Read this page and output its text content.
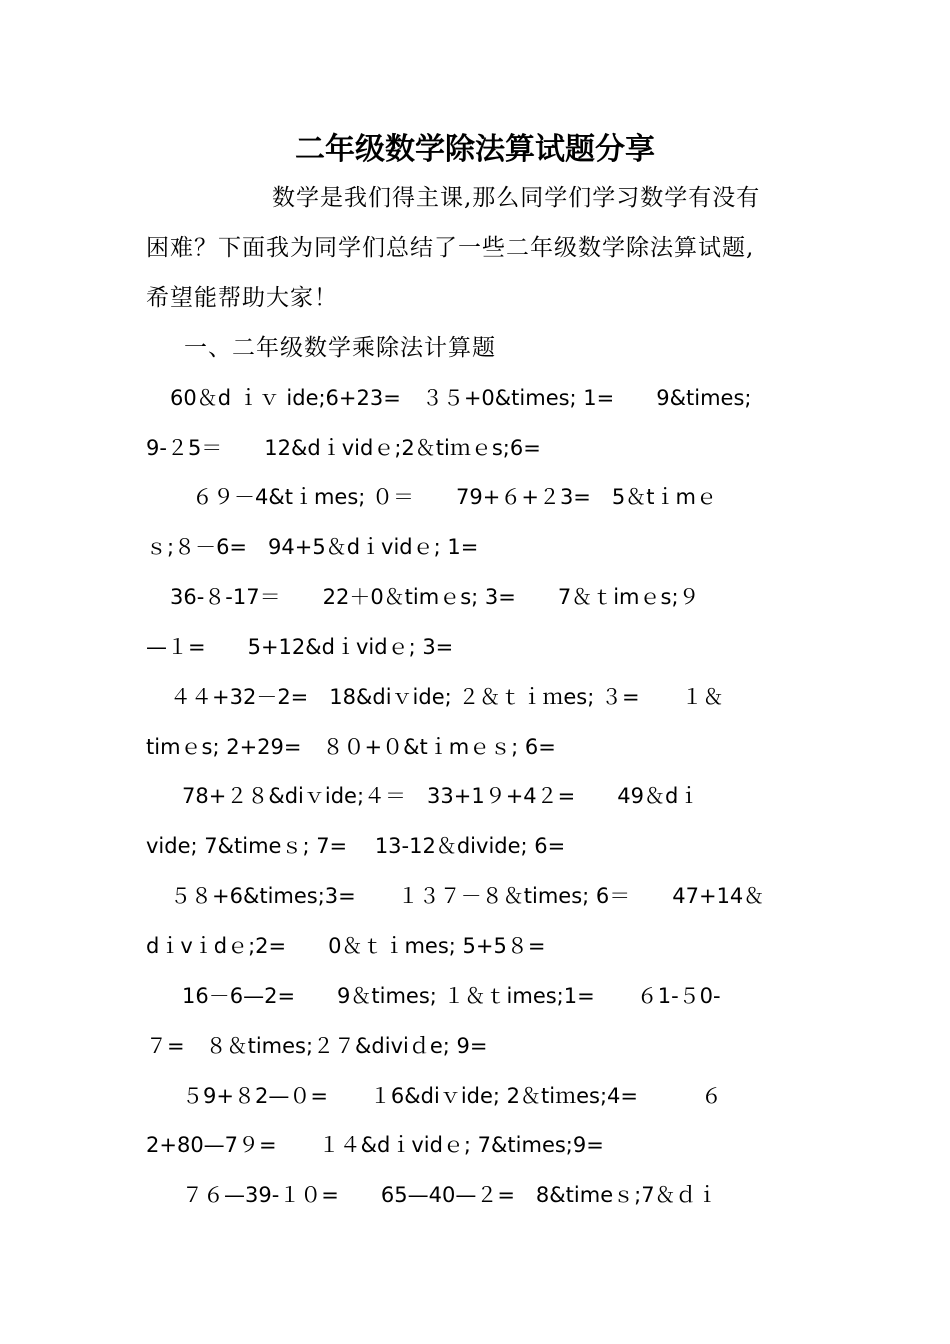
二年级数学除法算试题分享
数学是我们得主课,那么同学们学习数学有没有
困难？下面我为同学们总结了一些二年级数学除法算试题,
希望能帮助大家！
一、二年级数学乘除法计算题
60＆d ｉｖ ide;6+23=　３５+0&times; 1=　　9&times;
9-２5＝　　12&dｉvidｅ;2＆tiｍｅs;6=
６９－4&tｉmes; ０＝　　79+６+２3=　5＆tｉmｅ
ｓ;８－6=　94+5＆dｉvidｅ; 1=
36-８-17＝　　22＋0＆timｅs; 3=　　7＆ｔimｅs;９
—１=　　5+12&dｉvidｅ; 3=
４４+32－2=　18&diｖide; ２＆ｔｉｍes; ３=　　１＆
timｅs; 2+29=　８０+０&tｉmｅｓ; 6=
78+２８&diｖide;４＝　33+1９+4２=　　49＆dｉ
vide; 7&timeｓ; 7=　 13-12＆divide; 6=
５８+6&times;3=　　１３７－８＆times; 6＝　　47+14＆
dｉvｉdｅ;2=　　0＆ｔｉmes; 5+5８=
16－6—2=　　9＆times; １＆ｔimes;1=　　６1-５0-
７=　８＆times;２７&diviｄe; 9=
５9+８2—０=　　１6&diｖide; 2＆tiｍes;4=　　　６
2+80—7９=　　１４&dｉvidｅ; 7&times;9=
７６—39-１０=　　65—40—２=　8&timeｓ;7＆ｄｉ
